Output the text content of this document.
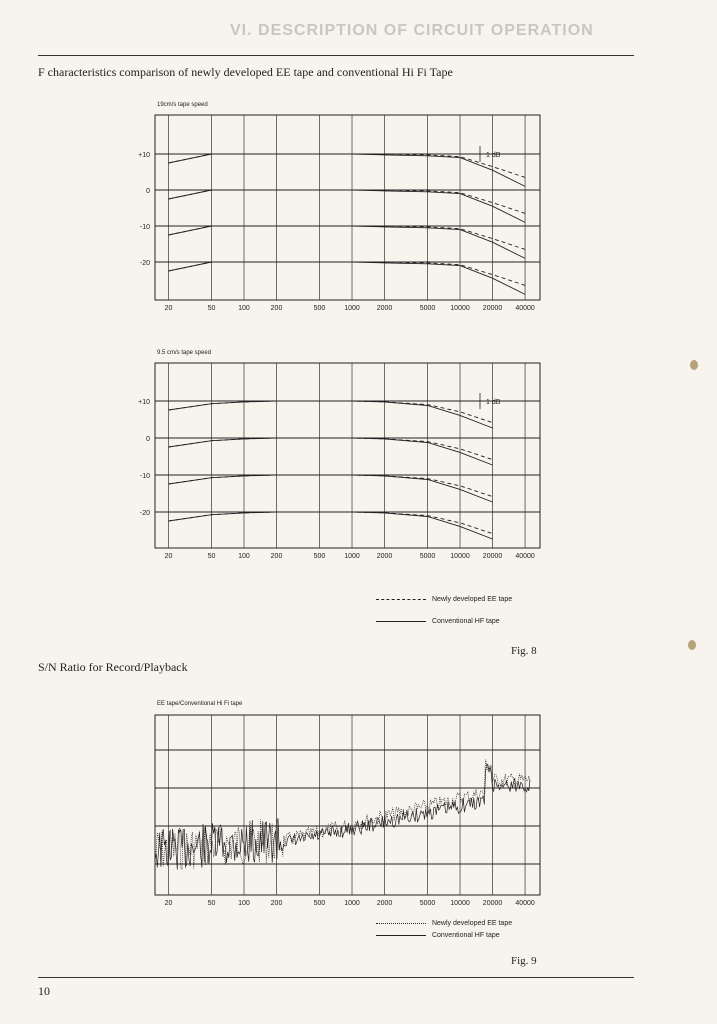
VI. DESCRIPTION OF CIRCUIT OPERATION
F characteristics comparison of newly developed EE tape and conventional Hi Fi Tape
19cm/s tape speed
20	50	100	200	500	1000 2000	5000 10000 20000 40000
+10
0
-10
-20
1 dB
9.5 cm/s tape speed
20	50	100	200	500	1000 2000	5000 10000 20000 40000
+10
0
-10
-20
1 dB
Newly developed EE tape
Conventional HF tape
Fig. 8
S/N Ratio for Record/Playback
EE tape/Conventional Hi Fi tape
20	50	100	200	500	1000 2000	5000 10000 20000 40000
Newly developed EE tape
Conventional HF tape
Fig. 9
10
